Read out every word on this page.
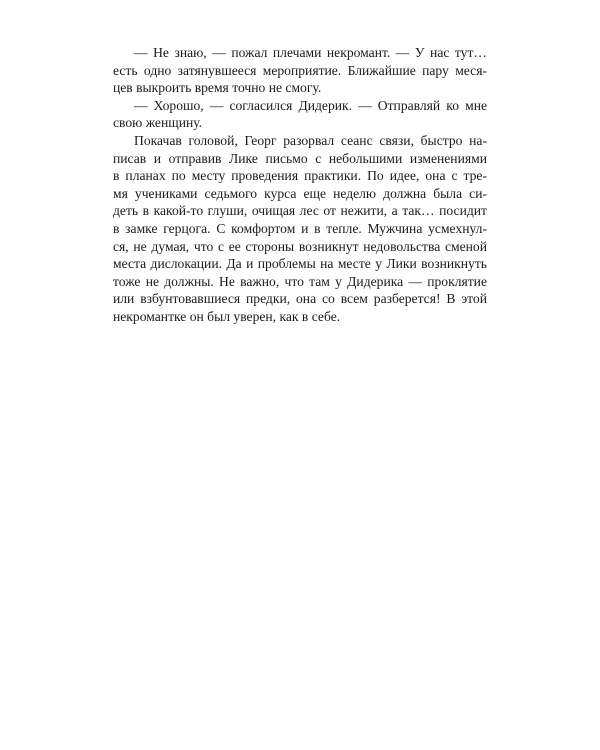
— Не знаю, — пожал плечами некромант. — У нас тут…
есть одно затянувшееся мероприятие. Ближайшие пару меся-
цев выкроить время точно не смогу.
— Хорошо, — согласился Дидерик. — Отправляй ко мне
свою женщину.
Покачав головой, Георг разорвал сеанс связи, быстро на-
писав и отправив Лике письмо с небольшими изменениями
в планах по месту проведения практики. По идее, она с тре-
мя учениками седьмого курса еще неделю должна была си-
деть в какой-то глуши, очищая лес от нежити, а так… посидит
в замке герцога. С комфортом и в тепле. Мужчина усмехнул-
ся, не думая, что с ее стороны возникнут недовольства сменой
места дислокации. Да и проблемы на месте у Лики возникнуть
тоже не должны. Не важно, что там у Дидерика — проклятие
или взбунтовавшиеся предки, она со всем разберется! В этой
некромантке он был уверен, как в себе.
